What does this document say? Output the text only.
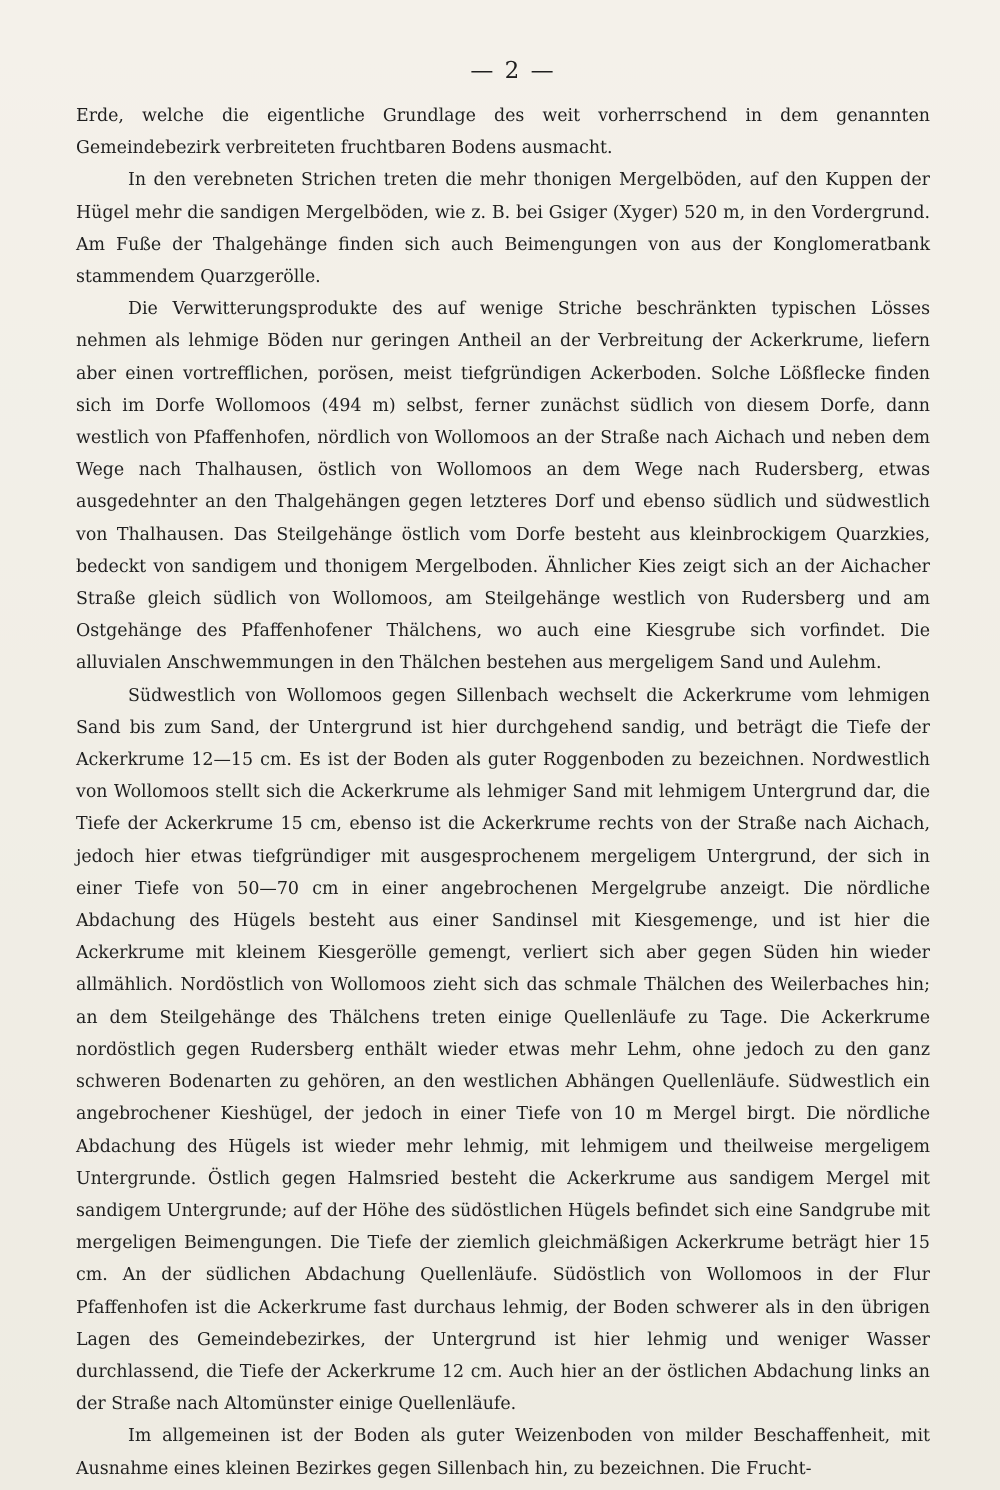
— 2 —

Erde, welche die eigentliche Grundlage des weit vorherrschend in dem genannten Gemeindebezirk verbreiteten fruchtbaren Bodens ausmacht.

In den verebneten Strichen treten die mehr thonigen Mergelböden, auf den Kuppen der Hügel mehr die sandigen Mergelböden, wie z. B. bei Gsiger (Xyger) 520 m, in den Vordergrund. Am Fuße der Thalgehänge finden sich auch Beimengungen von aus der Konglomeratbank stammendem Quarzgerölle.

Die Verwitterungsprodukte des auf wenige Striche beschränkten typischen Lösses nehmen als lehmige Böden nur geringen Antheil an der Verbreitung der Ackerkrume, liefern aber einen vortrefflichen, porösen, meist tiefgründigen Ackerboden. Solche Lößflecke finden sich im Dorfe Wollomoos (494 m) selbst, ferner zunächst südlich von diesem Dorfe, dann westlich von Pfaffenhofen, nördlich von Wollomoos an der Straße nach Aichach und neben dem Wege nach Thalhausen, östlich von Wollomoos an dem Wege nach Rudersberg, etwas ausgedehnter an den Thalgehängen gegen letzteres Dorf und ebenso südlich und südwestlich von Thalhausen. Das Steilgehänge östlich vom Dorfe besteht aus kleinbrockigem Quarzkies, bedeckt von sandigem und thonigem Mergelboden. Ähnlicher Kies zeigt sich an der Aichacher Straße gleich südlich von Wollomoos, am Steilgehänge westlich von Rudersberg und am Ostgehänge des Pfaffenhofener Thälchens, wo auch eine Kiesgrube sich vorfindet. Die alluvialen Anschwemmungen in den Thälchen bestehen aus mergeligem Sand und Aulehm.

Südwestlich von Wollomoos gegen Sillenbach wechselt die Ackerkrume vom lehmigen Sand bis zum Sand, der Untergrund ist hier durchgehend sandig, und beträgt die Tiefe der Ackerkrume 12—15 cm. Es ist der Boden als guter Roggenboden zu bezeichnen. Nordwestlich von Wollomoos stellt sich die Ackerkrume als lehmiger Sand mit lehmigem Untergrund dar, die Tiefe der Ackerkrume 15 cm, ebenso ist die Ackerkrume rechts von der Straße nach Aichach, jedoch hier etwas tiefgründiger mit ausgesprochenem mergeligem Untergrund, der sich in einer Tiefe von 50—70 cm in einer angebrochenen Mergelgrube anzeigt. Die nördliche Abdachung des Hügels besteht aus einer Sandinsel mit Kiesgemenge, und ist hier die Ackerkrume mit kleinem Kiesgerölle gemengt, verliert sich aber gegen Süden hin wieder allmählich. Nordöstlich von Wollomoos zieht sich das schmale Thälchen des Weilerbaches hin; an dem Steilgehänge des Thälchens treten einige Quellenläufe zu Tage. Die Ackerkrume nordöstlich gegen Rudersberg enthält wieder etwas mehr Lehm, ohne jedoch zu den ganz schweren Bodenarten zu gehören, an den westlichen Abhängen Quellenläufe. Südwestlich ein angebrochener Kieshügel, der jedoch in einer Tiefe von 10 m Mergel birgt. Die nördliche Abdachung des Hügels ist wieder mehr lehmig, mit lehmigem und theilweise mergeligem Untergrunde. Östlich gegen Halmsried besteht die Ackerkrume aus sandigem Mergel mit sandigem Untergrunde; auf der Höhe des südöstlichen Hügels befindet sich eine Sandgrube mit mergeligen Beimengungen. Die Tiefe der ziemlich gleichmäßigen Ackerkrume beträgt hier 15 cm. An der südlichen Abdachung Quellenläufe. Südöstlich von Wollomoos in der Flur Pfaffenhofen ist die Ackerkrume fast durchaus lehmig, der Boden schwerer als in den übrigen Lagen des Gemeindebezirkes, der Untergrund ist hier lehmig und weniger Wasser durchlassend, die Tiefe der Ackerkrume 12 cm. Auch hier an der östlichen Abdachung links an der Straße nach Altomünster einige Quellenläufe.

Im allgemeinen ist der Boden als guter Weizenboden von milder Beschaffenheit, mit Ausnahme eines kleinen Bezirkes gegen Sillenbach hin, zu bezeichnen. Die Frucht-
